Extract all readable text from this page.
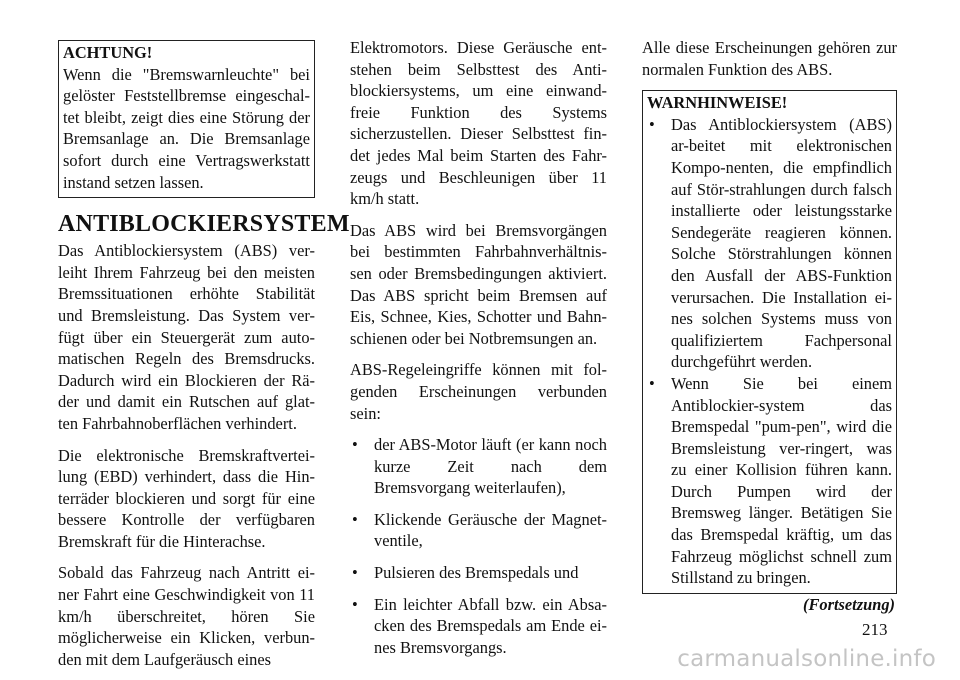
ACHTUNG!
Wenn die "Bremswarnleuchte" bei gelöster Feststellbremse eingeschal-tet bleibt, zeigt dies eine Störung der Bremsanlage an. Die Bremsanlage sofort durch eine Vertragswerkstatt instand setzen lassen.
ANTIBLOCKIERSYSTEM

Das Antiblockiersystem (ABS) ver-leiht Ihrem Fahrzeug bei den meisten Bremssituationen erhöhte Stabilität und Bremsleistung. Das System ver-fügt über ein Steuergerät zum auto-matischen Regeln des Bremsdrucks. Dadurch wird ein Blockieren der Rä-der und damit ein Rutschen auf glat-ten Fahrbahnoberflächen verhindert.

Die elektronische Bremskraftvertei-lung (EBD) verhindert, dass die Hin-terräder blockieren und sorgt für eine bessere Kontrolle der verfügbaren Bremskraft für die Hinterachse.

Sobald das Fahrzeug nach Antritt ei-ner Fahrt eine Geschwindigkeit von 11 km/h überschreitet, hören Sie möglicherweise ein Klicken, verbun-den mit dem Laufgeräusch eines

Elektromotors. Diese Geräusche ent-stehen beim Selbsttest des Anti-blockiersystems, um eine einwand-freie Funktion des Systems sicherzustellen. Dieser Selbsttest fin-det jedes Mal beim Starten des Fahr-zeugs und Beschleunigen über 11 km/h statt.

Das ABS wird bei Bremsvorgängen bei bestimmten Fahrbahnverhältnis-sen oder Bremsbedingungen aktiviert. Das ABS spricht beim Bremsen auf Eis, Schnee, Kies, Schotter und Bahn-schienen oder bei Notbremsungen an.

ABS-Regeleingriffe können mit fol-genden Erscheinungen verbunden sein:

• der ABS-Motor läuft (er kann noch kurze Zeit nach dem Bremsvorgang weiterlaufen),
• Klickende Geräusche der Magnet-ventile,
• Pulsieren des Bremspedals und
• Ein leichter Abfall bzw. ein Absa-cken des Bremspedals am Ende ei-nes Bremsvorgangs.

Alle diese Erscheinungen gehören zur normalen Funktion des ABS.

WARNHINWEISE!
• Das Antiblockiersystem (ABS) ar-beitet mit elektronischen Kompo-nenten, die empfindlich auf Stör-strahlungen durch falsch installierte oder leistungsstarke Sendegeräte reagieren können. Solche Störstrahlungen können den Ausfall der ABS-Funktion verursachen. Die Installation ei-nes solchen Systems muss von qualifiziertem Fachpersonal durchgeführt werden.
• Wenn Sie bei einem Antiblockier-system das Bremspedal "pum-pen", wird die Bremsleistung ver-ringert, was zu einer Kollision führen kann. Durch Pumpen wird der Bremsweg länger. Betätigen Sie das Bremspedal kräftig, um das Fahrzeug möglichst schnell zum Stillstand zu bringen.
(Fortsetzung)
213
carmanualsonline.info
